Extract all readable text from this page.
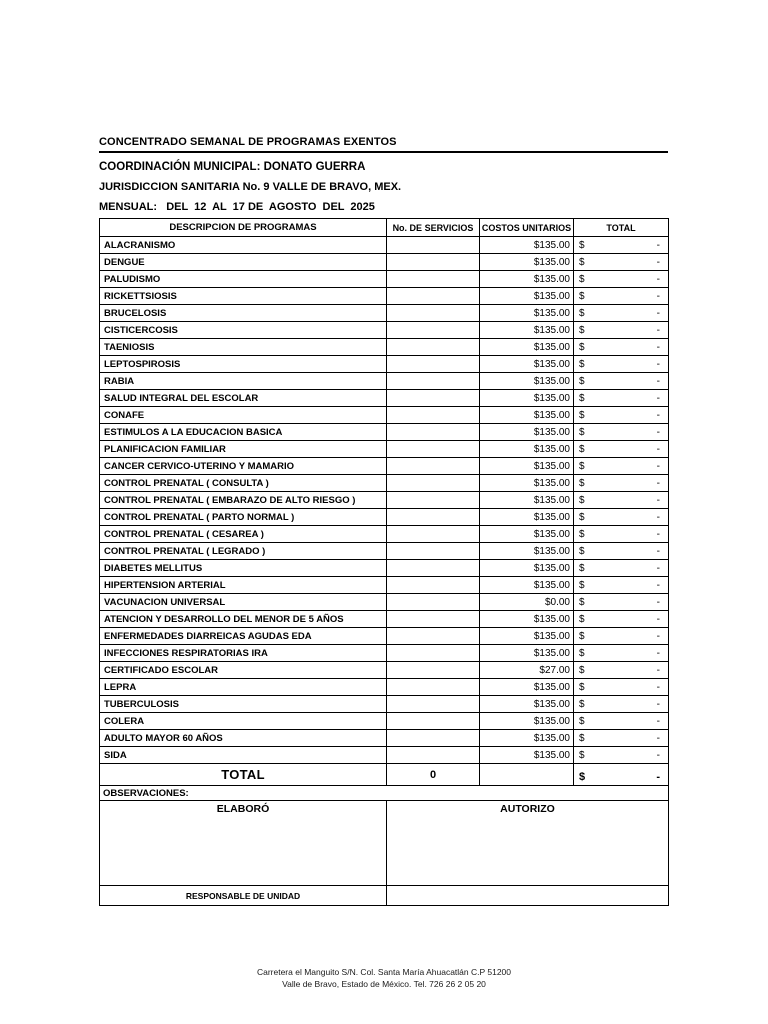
CONCENTRADO SEMANAL DE PROGRAMAS EXENTOS
COORDINACIÓN MUNICIPAL: DONATO GUERRA
JURISDICCION SANITARIA No. 9 VALLE DE BRAVO, MEX.
MENSUAL:   DEL  12  AL  17 DE  AGOSTO  DEL  2025
DESCRIPCION DE PROGRAMAS	No. DE SERVICIOS	COSTOS UNITARIOS	TOTAL
ALACRANISMO		$135.00	$ -

DENGUE		$135.00	$ -

PALUDISMO		$135.00	$ -

RICKETTSIOSIS		$135.00	$ -

BRUCELOSIS		$135.00	$ -

CISTICERCOSIS		$135.00	$ -

TAENIOSIS		$135.00	$ -

LEPTOSPIROSIS		$135.00	$ -

RABIA		$135.00	$ -

SALUD INTEGRAL DEL ESCOLAR		$135.00	$ -

CONAFE		$135.00	$ -

ESTIMULOS A LA EDUCACION BASICA		$135.00	$ -

PLANIFICACION FAMILIAR		$135.00	$ -

CANCER CERVICO-UTERINO Y MAMARIO		$135.00	$ -

CONTROL PRENATAL ( CONSULTA )		$135.00	$ -

CONTROL PRENATAL ( EMBARAZO DE ALTO RIESGO )		$135.00	$ -

CONTROL PRENATAL ( PARTO NORMAL )		$135.00	$ -

CONTROL PRENATAL ( CESAREA )		$135.00	$ -

CONTROL PRENATAL ( LEGRADO )		$135.00	$ -

DIABETES MELLITUS		$135.00	$ -

HIPERTENSION ARTERIAL		$135.00	$ -

VACUNACION UNIVERSAL		$0.00	$ -

ATENCION Y DESARROLLO DEL MENOR DE 5 AÑOS		$135.00	$ -

ENFERMEDADES DIARREICAS AGUDAS EDA		$135.00	$ -

INFECCIONES RESPIRATORIAS IRA		$135.00	$ -

CERTIFICADO ESCOLAR		$27.00	$ -

LEPRA		$135.00	$ -

TUBERCULOSIS		$135.00	$ -

COLERA		$135.00	$ -

ADULTO MAYOR 60 AÑOS		$135.00	$ -

SIDA		$135.00	$ -

TOTAL	0		$ -

OBSERVACIONES:			
ELABORÓ	AUTORIZO		
RESPONSABLE DE UNIDAD			
Carretera el Manguito S/N. Col. Santa María Ahuacatlán C.P 51200
Valle de Bravo, Estado de México. Tel. 726 26 2 05 20
